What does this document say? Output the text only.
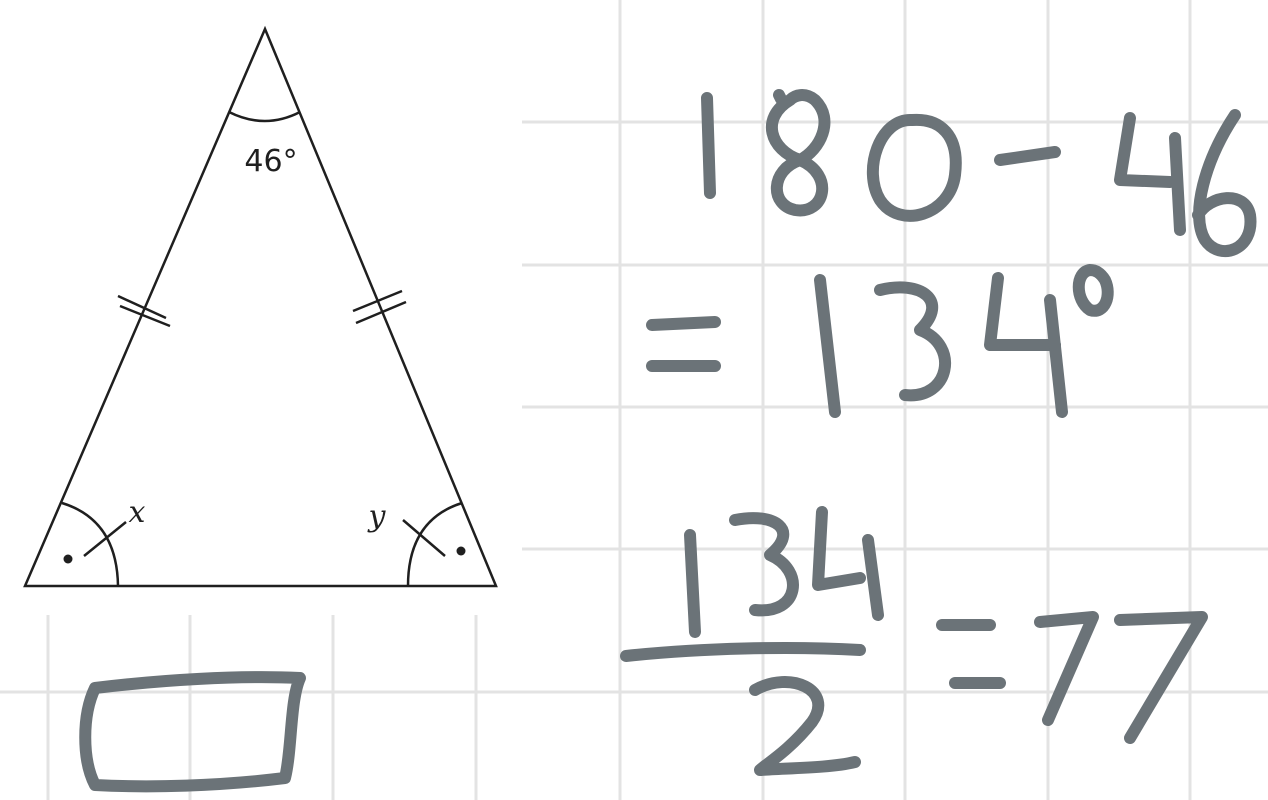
46°
x	y
180 - 46
= 134°
134
2
= 77
